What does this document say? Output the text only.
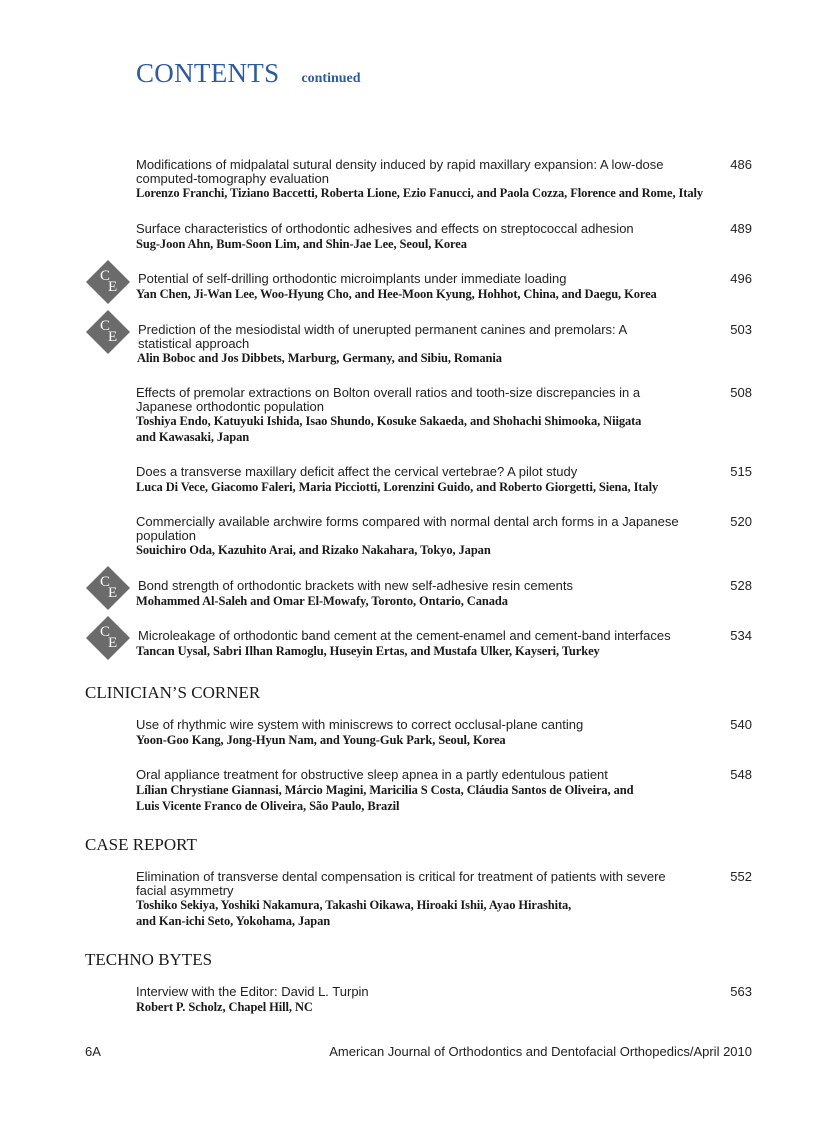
CONTENTS continued
Modifications of midpalatal sutural density induced by rapid maxillary expansion: A low-dose computed-tomography evaluation
Lorenzo Franchi, Tiziano Baccetti, Roberta Lione, Ezio Fanucci, and Paola Cozza, Florence and Rome, Italy
486
Surface characteristics of orthodontic adhesives and effects on streptococcal adhesion
Sug-Joon Ahn, Bum-Soon Lim, and Shin-Jae Lee, Seoul, Korea
489
C
E
Potential of self-drilling orthodontic microimplants under immediate loading
Yan Chen, Ji-Wan Lee, Woo-Hyung Cho, and Hee-Moon Kyung, Hohhot, China, and Daegu, Korea
496
C
E Prediction of the mesiodistal width of unerupted permanent canines and premolars: A statistical approach
Alin Boboc and Jos Dibbets, Marburg, Germany, and Sibiu, Romania
503
Effects of premolar extractions on Bolton overall ratios and tooth-size discrepancies in a Japanese orthodontic population
Toshiya Endo, Katuyuki Ishida, Isao Shundo, Kosuke Sakaeda, and Shohachi Shimooka, Niigata and Kawasaki, Japan
508
Does a transverse maxillary deficit affect the cervical vertebrae? A pilot study
Luca Di Vece, Giacomo Faleri, Maria Picciotti, Lorenzini Guido, and Roberto Giorgetti, Siena, Italy
515
Commercially available archwire forms compared with normal dental arch forms in a Japanese population
Souichiro Oda, Kazuhito Arai, and Rizako Nakahara, Tokyo, Japan
520
C
E Bond strength of orthodontic brackets with new self-adhesive resin cements
Mohammed Al-Saleh and Omar El-Mowafy, Toronto, Ontario, Canada
528
C
E Microleakage of orthodontic band cement at the cement-enamel and cement-band interfaces
Tancan Uysal, Sabri Ilhan Ramoglu, Huseyin Ertas, and Mustafa Ulker, Kayseri, Turkey
534
CLINICIAN’S CORNER
Use of rhythmic wire system with miniscrews to correct occlusal-plane canting
Yoon-Goo Kang, Jong-Hyun Nam, and Young-Guk Park, Seoul, Korea
540
Oral appliance treatment for obstructive sleep apnea in a partly edentulous patient
Lílian Chrystiane Giannasi, Márcio Magini, Maricilia S Costa, Cláudia Santos de Oliveira, and Luis Vicente Franco de Oliveira, São Paulo, Brazil
548
CASE REPORT
Elimination of transverse dental compensation is critical for treatment of patients with severe facial asymmetry
Toshiko Sekiya, Yoshiki Nakamura, Takashi Oikawa, Hiroaki Ishii, Ayao Hirashita, and Kan-ichi Seto, Yokohama, Japan
552
TECHNO BYTES
Interview with the Editor: David L. Turpin
Robert P. Scholz, Chapel Hill, NC
563
6A	American Journal of Orthodontics and Dentofacial Orthopedics/April 2010
